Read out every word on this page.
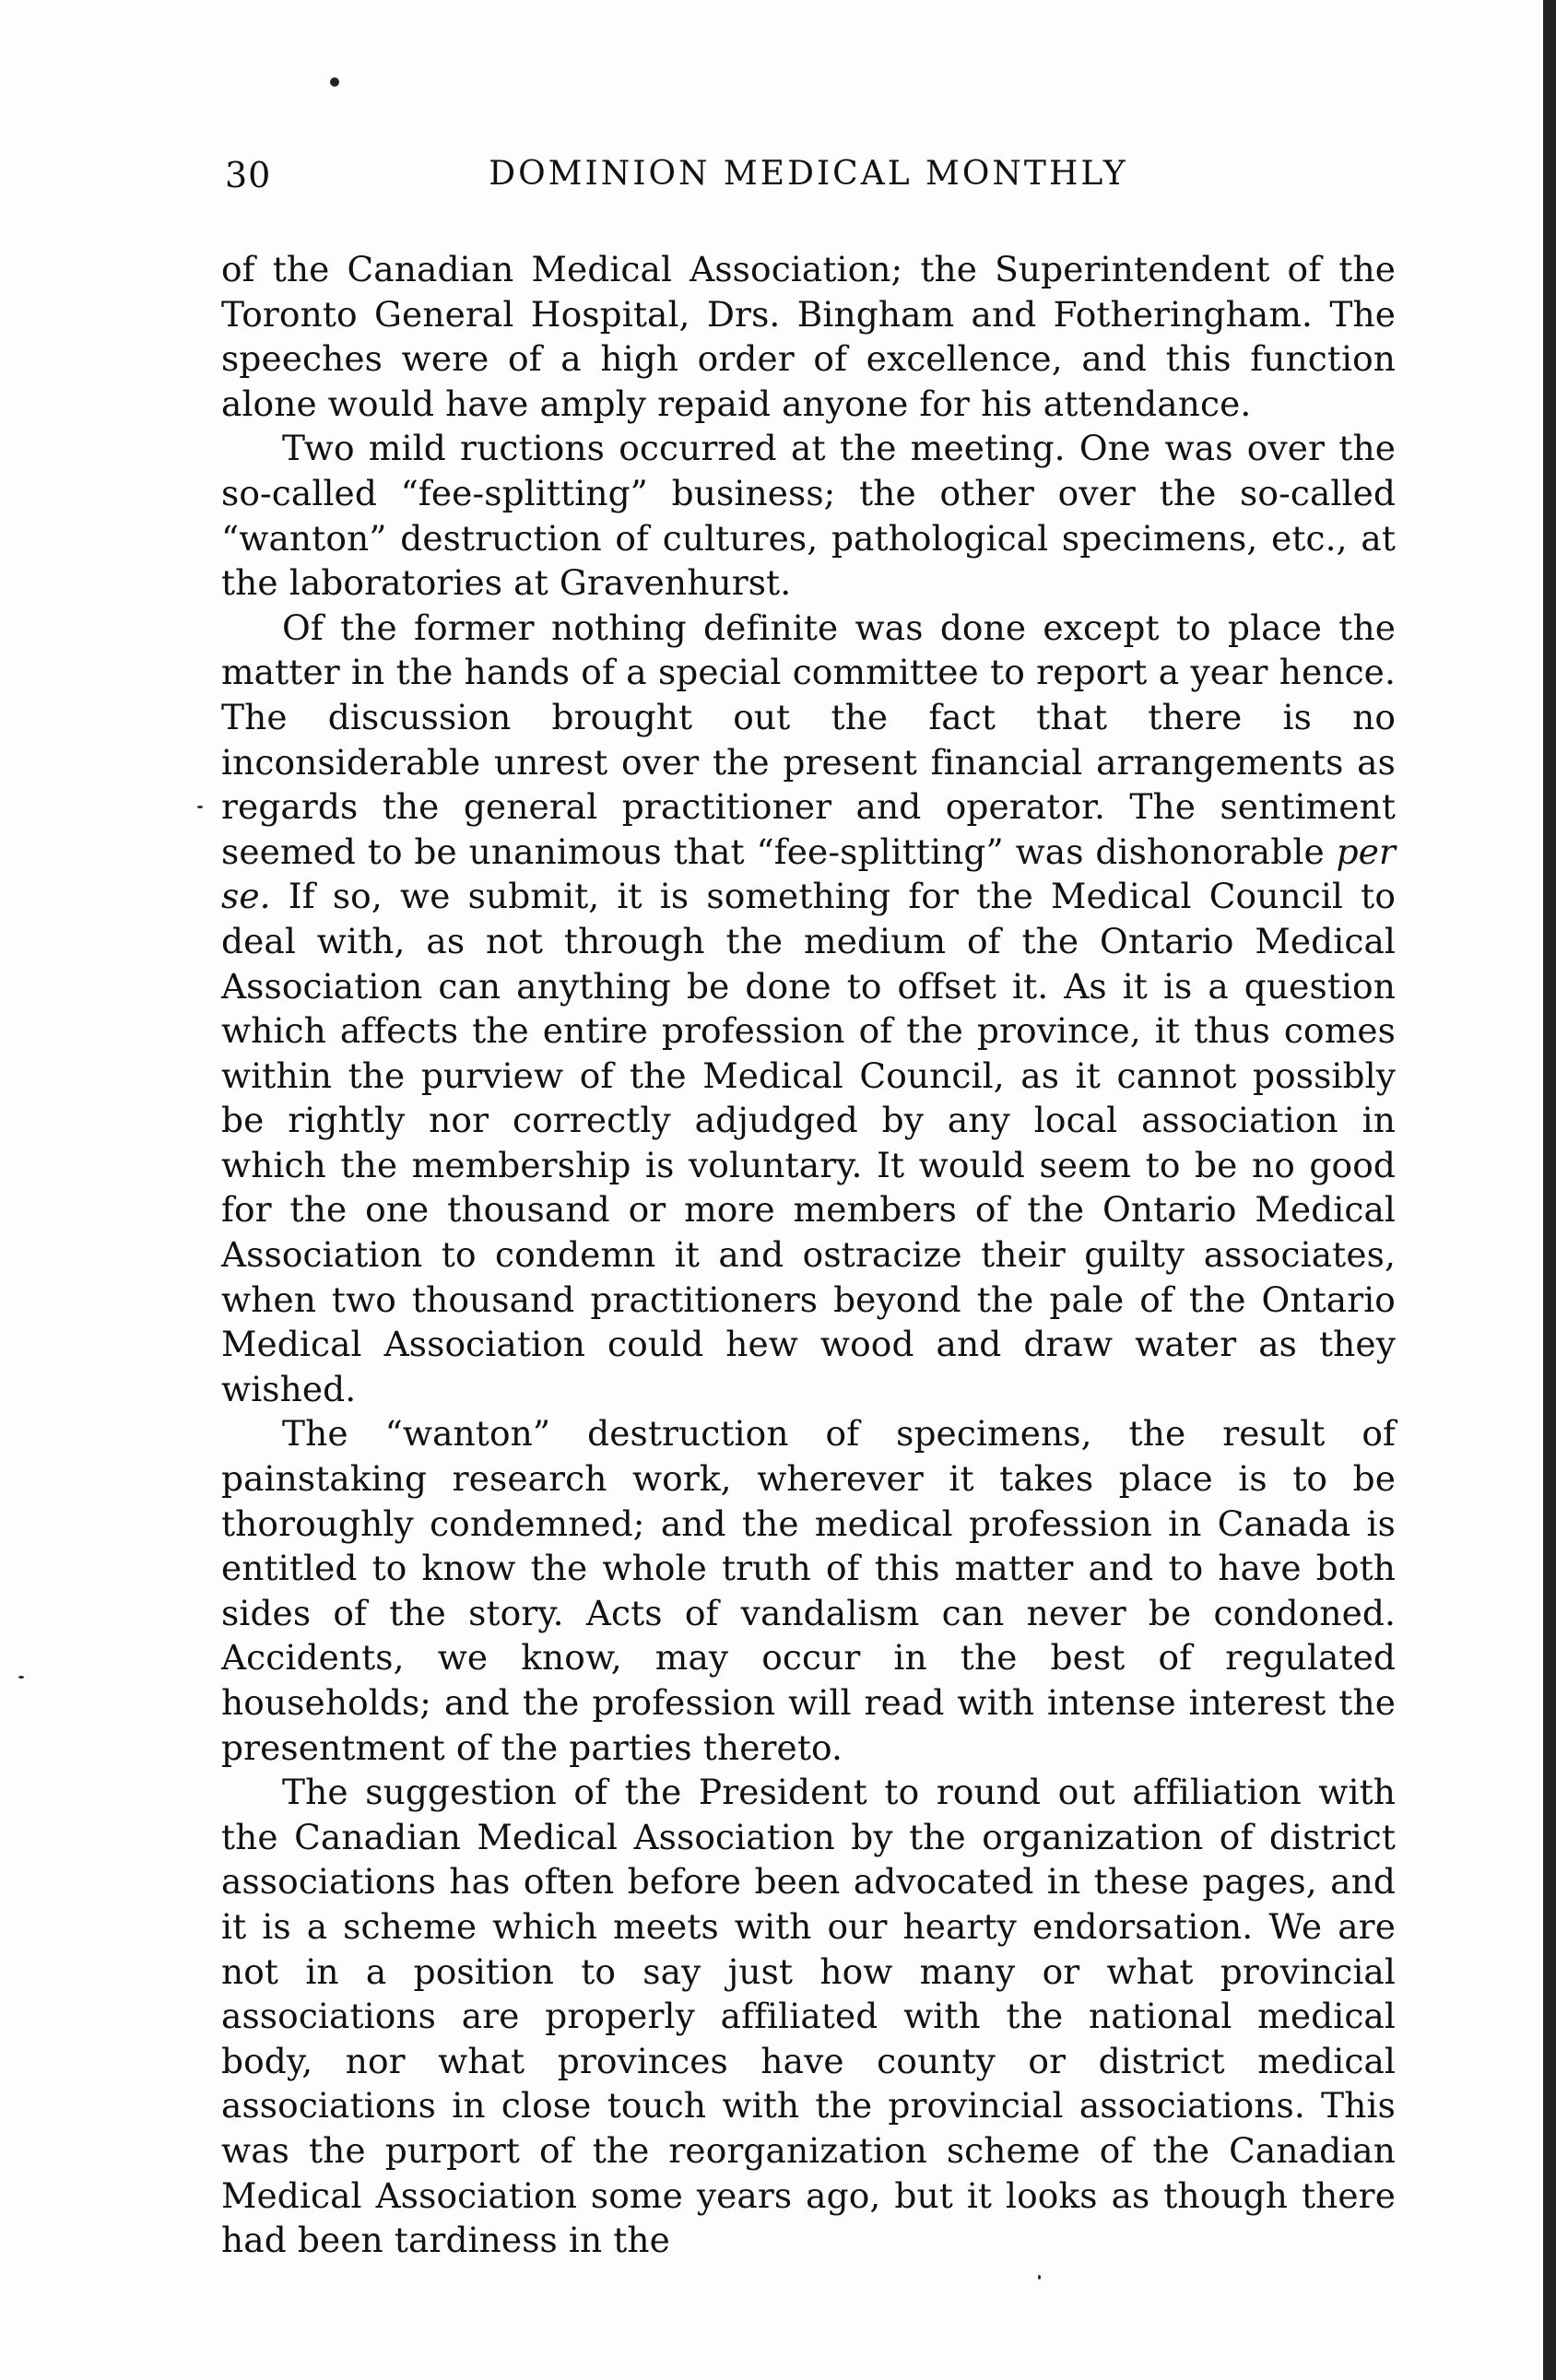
30	DOMINION MEDICAL MONTHLY

of the Canadian Medical Association; the Superintendent of the Toronto General Hospital, Drs. Bingham and Fotheringham. The speeches were of a high order of excellence, and this function alone would have amply repaid anyone for his attendance.

Two mild ructions occurred at the meeting. One was over the so-called “fee-splitting” business; the other over the so-called “wanton” destruction of cultures, pathological specimens, etc., at the laboratories at Gravenhurst.

Of the former nothing definite was done except to place the matter in the hands of a special committee to report a year hence. The discussion brought out the fact that there is no inconsiderable unrest over the present financial arrangements as regards the general practitioner and operator. The sentiment seemed to be unanimous that “fee-splitting” was dishonorable per se. If so, we submit, it is something for the Medical Council to deal with, as not through the medium of the Ontario Medical Association can anything be done to offset it. As it is a question which affects the entire profession of the province, it thus comes within the purview of the Medical Council, as it cannot possibly be rightly nor correctly adjudged by any local association in which the membership is voluntary. It would seem to be no good for the one thousand or more members of the Ontario Medical Association to condemn it and ostracize their guilty associates, when two thousand practitioners beyond the pale of the Ontario Medical Association could hew wood and draw water as they wished.

The “wanton” destruction of specimens, the result of painstaking research work, wherever it takes place is to be thoroughly condemned; and the medical profession in Canada is entitled to know the whole truth of this matter and to have both sides of the story. Acts of vandalism can never be condoned. Accidents, we know, may occur in the best of regulated households; and the profession will read with intense interest the presentment of the parties thereto.

The suggestion of the President to round out affiliation with the Canadian Medical Association by the organization of district associations has often before been advocated in these pages, and it is a scheme which meets with our hearty endorsation. We are not in a position to say just how many or what provincial associations are properly affiliated with the national medical body, nor what provinces have county or district medical associations in close touch with the provincial associations. This was the purport of the reorganization scheme of the Canadian Medical Association some years ago, but it looks as though there had been tardiness in the
